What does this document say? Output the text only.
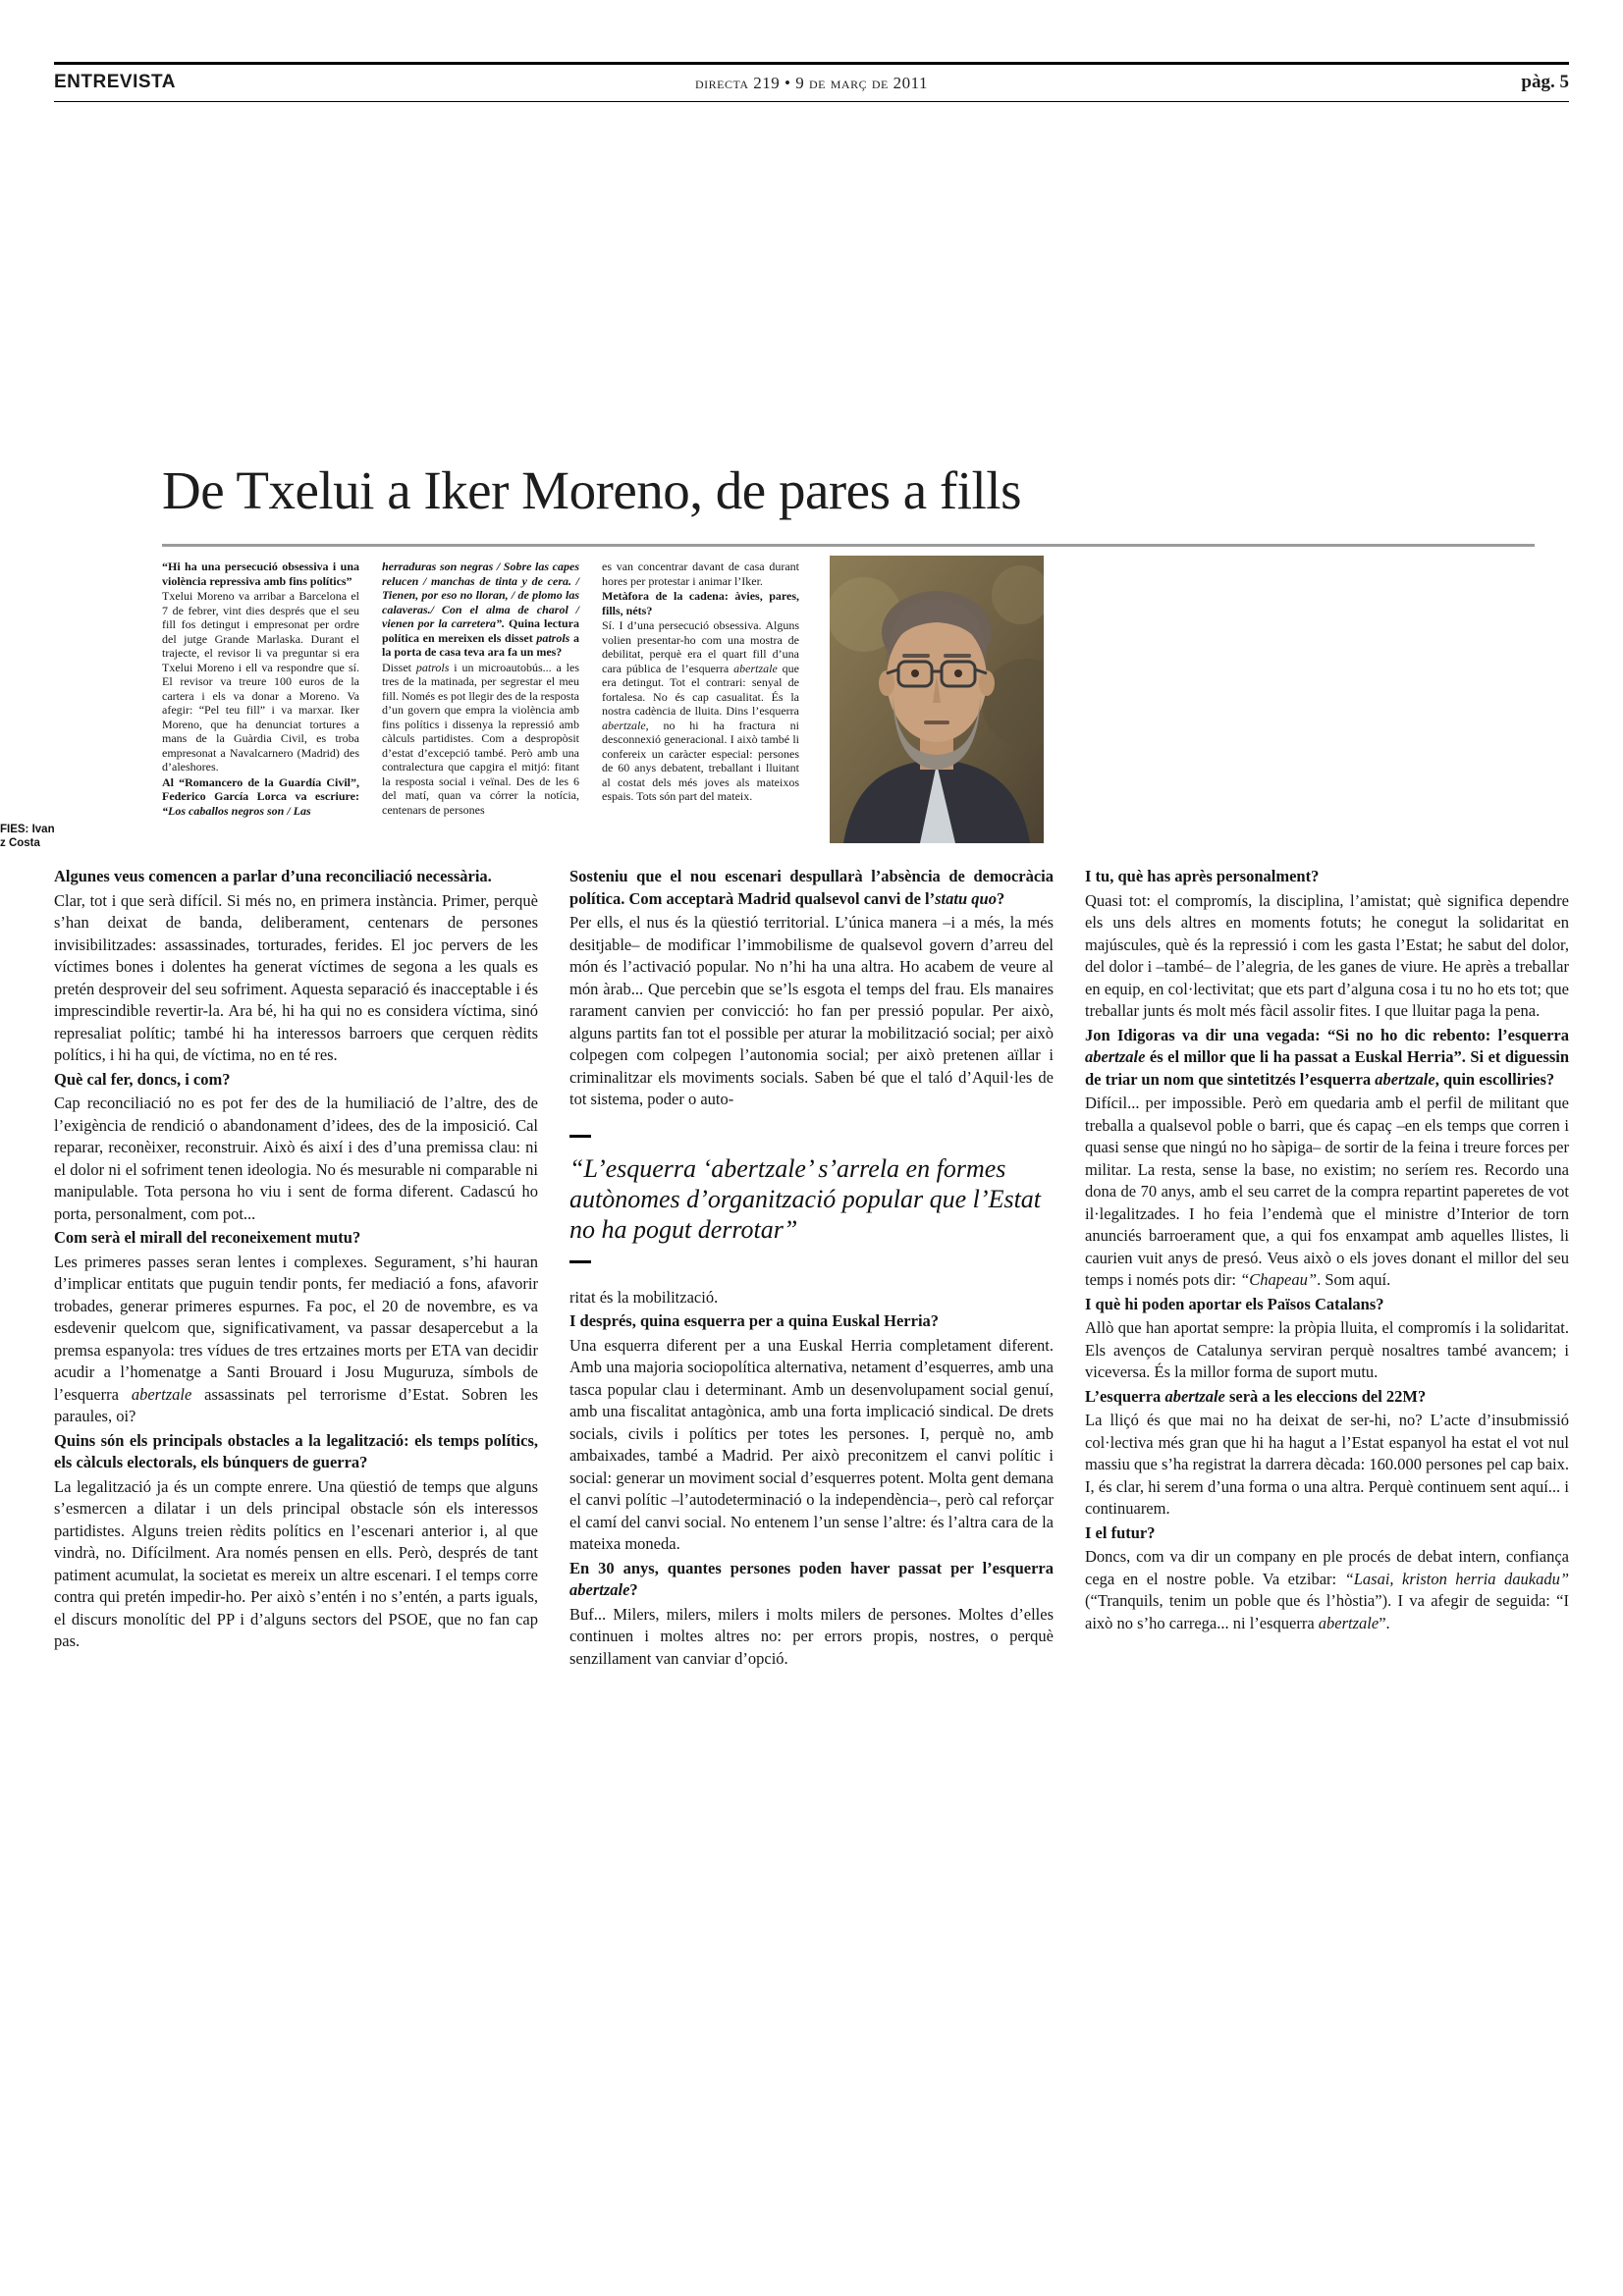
ENTREVISTA	directa 219 • 9 de març de 2011	pàg. 5
De Txelui a Iker Moreno, de pares a fills

“Hi ha una persecució obsessiva i una violència repressiva amb fins polítics”

Txelui Moreno va arribar a Barcelona el 7 de febrer, vint dies després que el seu fill fos detingut i empresonat per ordre del jutge Grande Marlaska. Durant el trajecte, el revisor li va preguntar si era Txelui Moreno i ell va respondre que sí. El revisor va treure 100 euros de la cartera i els va donar a Moreno. Va afegir: “Pel teu fill” i va marxar. Iker Moreno, que ha denunciat tortures a mans de la Guàrdia Civil, es troba empresonat a Navalcarnero (Madrid) des d’aleshores.

Al “Romancero de la Guardía Civil”, Federico García Lorca va escriure: “Los caballos negros son / Las

herraduras son negras / Sobre las capes relucen / manchas de tinta y de cera. / Tienen, por eso no lloran, / de plomo las calaveras./ Con el alma de charol / vienen por la carretera”. Quina lectura política en mereixen els disset patrols a la porta de casa teva ara fa un mes?

Disset patrols i un microautobús... a les tres de la matinada, per segrestar el meu fill. Només es pot llegir des de la resposta d’un govern que empra la violència amb fins polítics i dissenya la repressió amb càlculs partidistes. Com a despropòsit d’estat d’excepció també. Però amb una contralectura que capgira el mitjó: fitant la resposta social i veïnal. Des de les 6 del matí, quan va córrer la notícia, centenars de persones

es van concentrar davant de casa durant hores per protestar i animar l’Iker.

Metàfora de la cadena: àvies, pares, fills, néts?

Sí. I d’una persecució obsessiva. Alguns volien presentar-ho com una mostra de debilitat, perquè era el quart fill d’una cara pública de l’esquerra abertzale que era detingut. Tot el contrari: senyal de fortalesa. No és cap casualitat. És la nostra cadència de lluita. Dins l’esquerra abertzale, no hi ha fractura ni desconnexió generacional. I això també li confereix un caràcter especial: persones de 60 anys debatent, treballant i lluitant al costat dels més joves als mateixos espais. Tots són part del mateix.

FIES: Ivan
z Costa

Algunes veus comencen a parlar d’una reconciliació necessària.

Clar, tot i que serà difícil. Si més no, en primera instància. Primer, perquè s’han deixat de banda, deliberament, centenars de persones invisibilitzades: assassinades, torturades, ferides. El joc pervers de les víctimes bones i dolentes ha generat víctimes de segona a les quals es pretén desproveir del seu sofriment. Aquesta separació és inacceptable i és imprescindible revertir-la. Ara bé, hi ha qui no es considera víctima, sinó represaliat polític; també hi ha interessos barroers que cerquen rèdits polítics, i hi ha qui, de víctima, no en té res.

Què cal fer, doncs, i com?

Cap reconciliació no es pot fer des de la humiliació de l’altre, des de l’exigència de rendició o abandonament d’idees, des de la imposició. Cal reparar, reconèixer, reconstruir. Això és així i des d’una premissa clau: ni el dolor ni el sofriment tenen ideologia. No és mesurable ni comparable ni manipulable. Tota persona ho viu i sent de forma diferent. Cadascú ho porta, personalment, com pot...

Com serà el mirall del reconeixement mutu?

Les primeres passes seran lentes i complexes. Segurament, s’hi hauran d’implicar entitats que puguin tendir ponts, fer mediació a fons, afavorir trobades, generar primeres espurnes. Fa poc, el 20 de novembre, es va esdevenir quelcom que, significativament, va passar desapercebut a la premsa espanyola: tres vídues de tres ertzaines morts per ETA van decidir acudir a l’homenatge a Santi Brouard i Josu Muguruza, símbols de l’esquerra abertzale assassinats pel terrorisme d’Estat. Sobren les paraules, oi?

Quins són els principals obstacles a la legalització: els temps polítics, els càlculs electorals, els búnquers de guerra?

La legalització ja és un compte enrere. Una qüestió de temps que alguns s’esmercen a dilatar i un dels principal obstacle són els interessos partidistes. Alguns treien rèdits polítics en l’escenari anterior i, al que vindrà, no. Difícilment. Ara només pensen en ells. Però, després de tant patiment acumulat, la societat es mereix un altre escenari. I el temps corre contra qui pretén impedir-ho. Per això s’entén i no s’entén, a parts iguals, el discurs monolític del PP i d’alguns sectors del PSOE, que no fan cap pas.

Sosteniu que el nou escenari despullarà l’absència de democràcia política. Com acceptarà Madrid qualsevol canvi de l’statu quo?

Per ells, el nus és la qüestió territorial. L’única manera –i a més, la més desitjable– de modificar l’immobilisme de qualsevol govern d’arreu del món és l’activació popular. No n’hi ha una altra. Ho acabem de veure al món àrab... Que percebin que se’ls esgota el temps del frau. Els manaires rarament canvien per convicció: ho fan per pressió popular. Per això, alguns partits fan tot el possible per aturar la mobilització social; per això colpegen com colpegen l’autonomia social; per això pretenen aïllar i criminalitzar els moviments socials. Saben bé que el taló d’Aquil·les de tot sistema, poder o auto-

“L’esquerra ‘abertzale’ s’arrela en formes autònomes d’organització popular que l’Estat no ha pogut derrotar”

ritat és la mobilització.

I després, quina esquerra per a quina Euskal Herria?

Una esquerra diferent per a una Euskal Herria completament diferent. Amb una majoria sociopolítica alternativa, netament d’esquerres, amb una tasca popular clau i determinant. Amb un desenvolupament social genuí, amb una fiscalitat antagònica, amb una forta implicació sindical. De drets socials, civils i polítics per totes les persones. I, perquè no, amb ambaixades, també a Madrid. Per això preconitzem el canvi polític i social: generar un moviment social d’esquerres potent. Molta gent demana el canvi polític –l’autodeterminació o la independència–, però cal reforçar el camí del canvi social. No entenem l’un sense l’altre: és l’altra cara de la mateixa moneda.

En 30 anys, quantes persones poden haver passat per l’esquerra abertzale?

Buf... Milers, milers, milers i molts milers de persones. Moltes d’elles continuen i moltes altres no: per errors propis, nostres, o perquè senzillament van canviar d’opció.

I tu, què has après personalment?

Quasi tot: el compromís, la disciplina, l’amistat; què significa dependre els uns dels altres en moments fotuts; he conegut la solidaritat en majúscules, què és la repressió i com les gasta l’Estat; he sabut del dolor, del dolor i –també– de l’alegria, de les ganes de viure. He après a treballar en equip, en col·lectivitat; que ets part d’alguna cosa i tu no ho ets tot; que treballar junts és molt més fàcil assolir fites. I que lluitar paga la pena.

Jon Idigoras va dir una vegada: “Si no ho dic rebento: l’esquerra abertzale és el millor que li ha passat a Euskal Herria”. Si et diguessin de triar un nom que sintetitzés l’esquerra abertzale, quin escolliries?

Difícil... per impossible. Però em quedaria amb el perfil de militant que treballa a qualsevol poble o barri, que és capaç –en els temps que corren i quasi sense que ningú no ho sàpiga– de sortir de la feina i treure forces per militar. La resta, sense la base, no existim; no seríem res. Recordo una dona de 70 anys, amb el seu carret de la compra repartint paperetes de vot il·legalitzades. I ho feia l’endemà que el ministre d’Interior de torn anunciés barroerament que, a qui fos enxampat amb aquelles llistes, li caurien vuit anys de presó. Veus això o els joves donant el millor del seu temps i només pots dir: “Chapeau”. Som aquí.

I què hi poden aportar els Països Catalans?

Allò que han aportat sempre: la pròpia lluita, el compromís i la solidaritat. Els avenços de Catalunya serviran perquè nosaltres també avancem; i viceversa. És la millor forma de suport mutu.

L’esquerra abertzale serà a les eleccions del 22M?

La lliçó és que mai no ha deixat de ser-hi, no? L’acte d’insubmissió col·lectiva més gran que hi ha hagut a l’Estat espanyol ha estat el vot nul massiu que s’ha registrat la darrera dècada: 160.000 persones pel cap baix. I, és clar, hi serem d’una forma o una altra. Perquè continuem sent aquí... i continuarem.

I el futur?

Doncs, com va dir un company en ple procés de debat intern, confiança cega en el nostre poble. Va etzibar: “Lasai, kriston herria daukadu” (“Tranquils, tenim un poble que és l’hòstia”). I va afegir de seguida: “I això no s’ho carrega... ni l’esquerra abertzale”.
